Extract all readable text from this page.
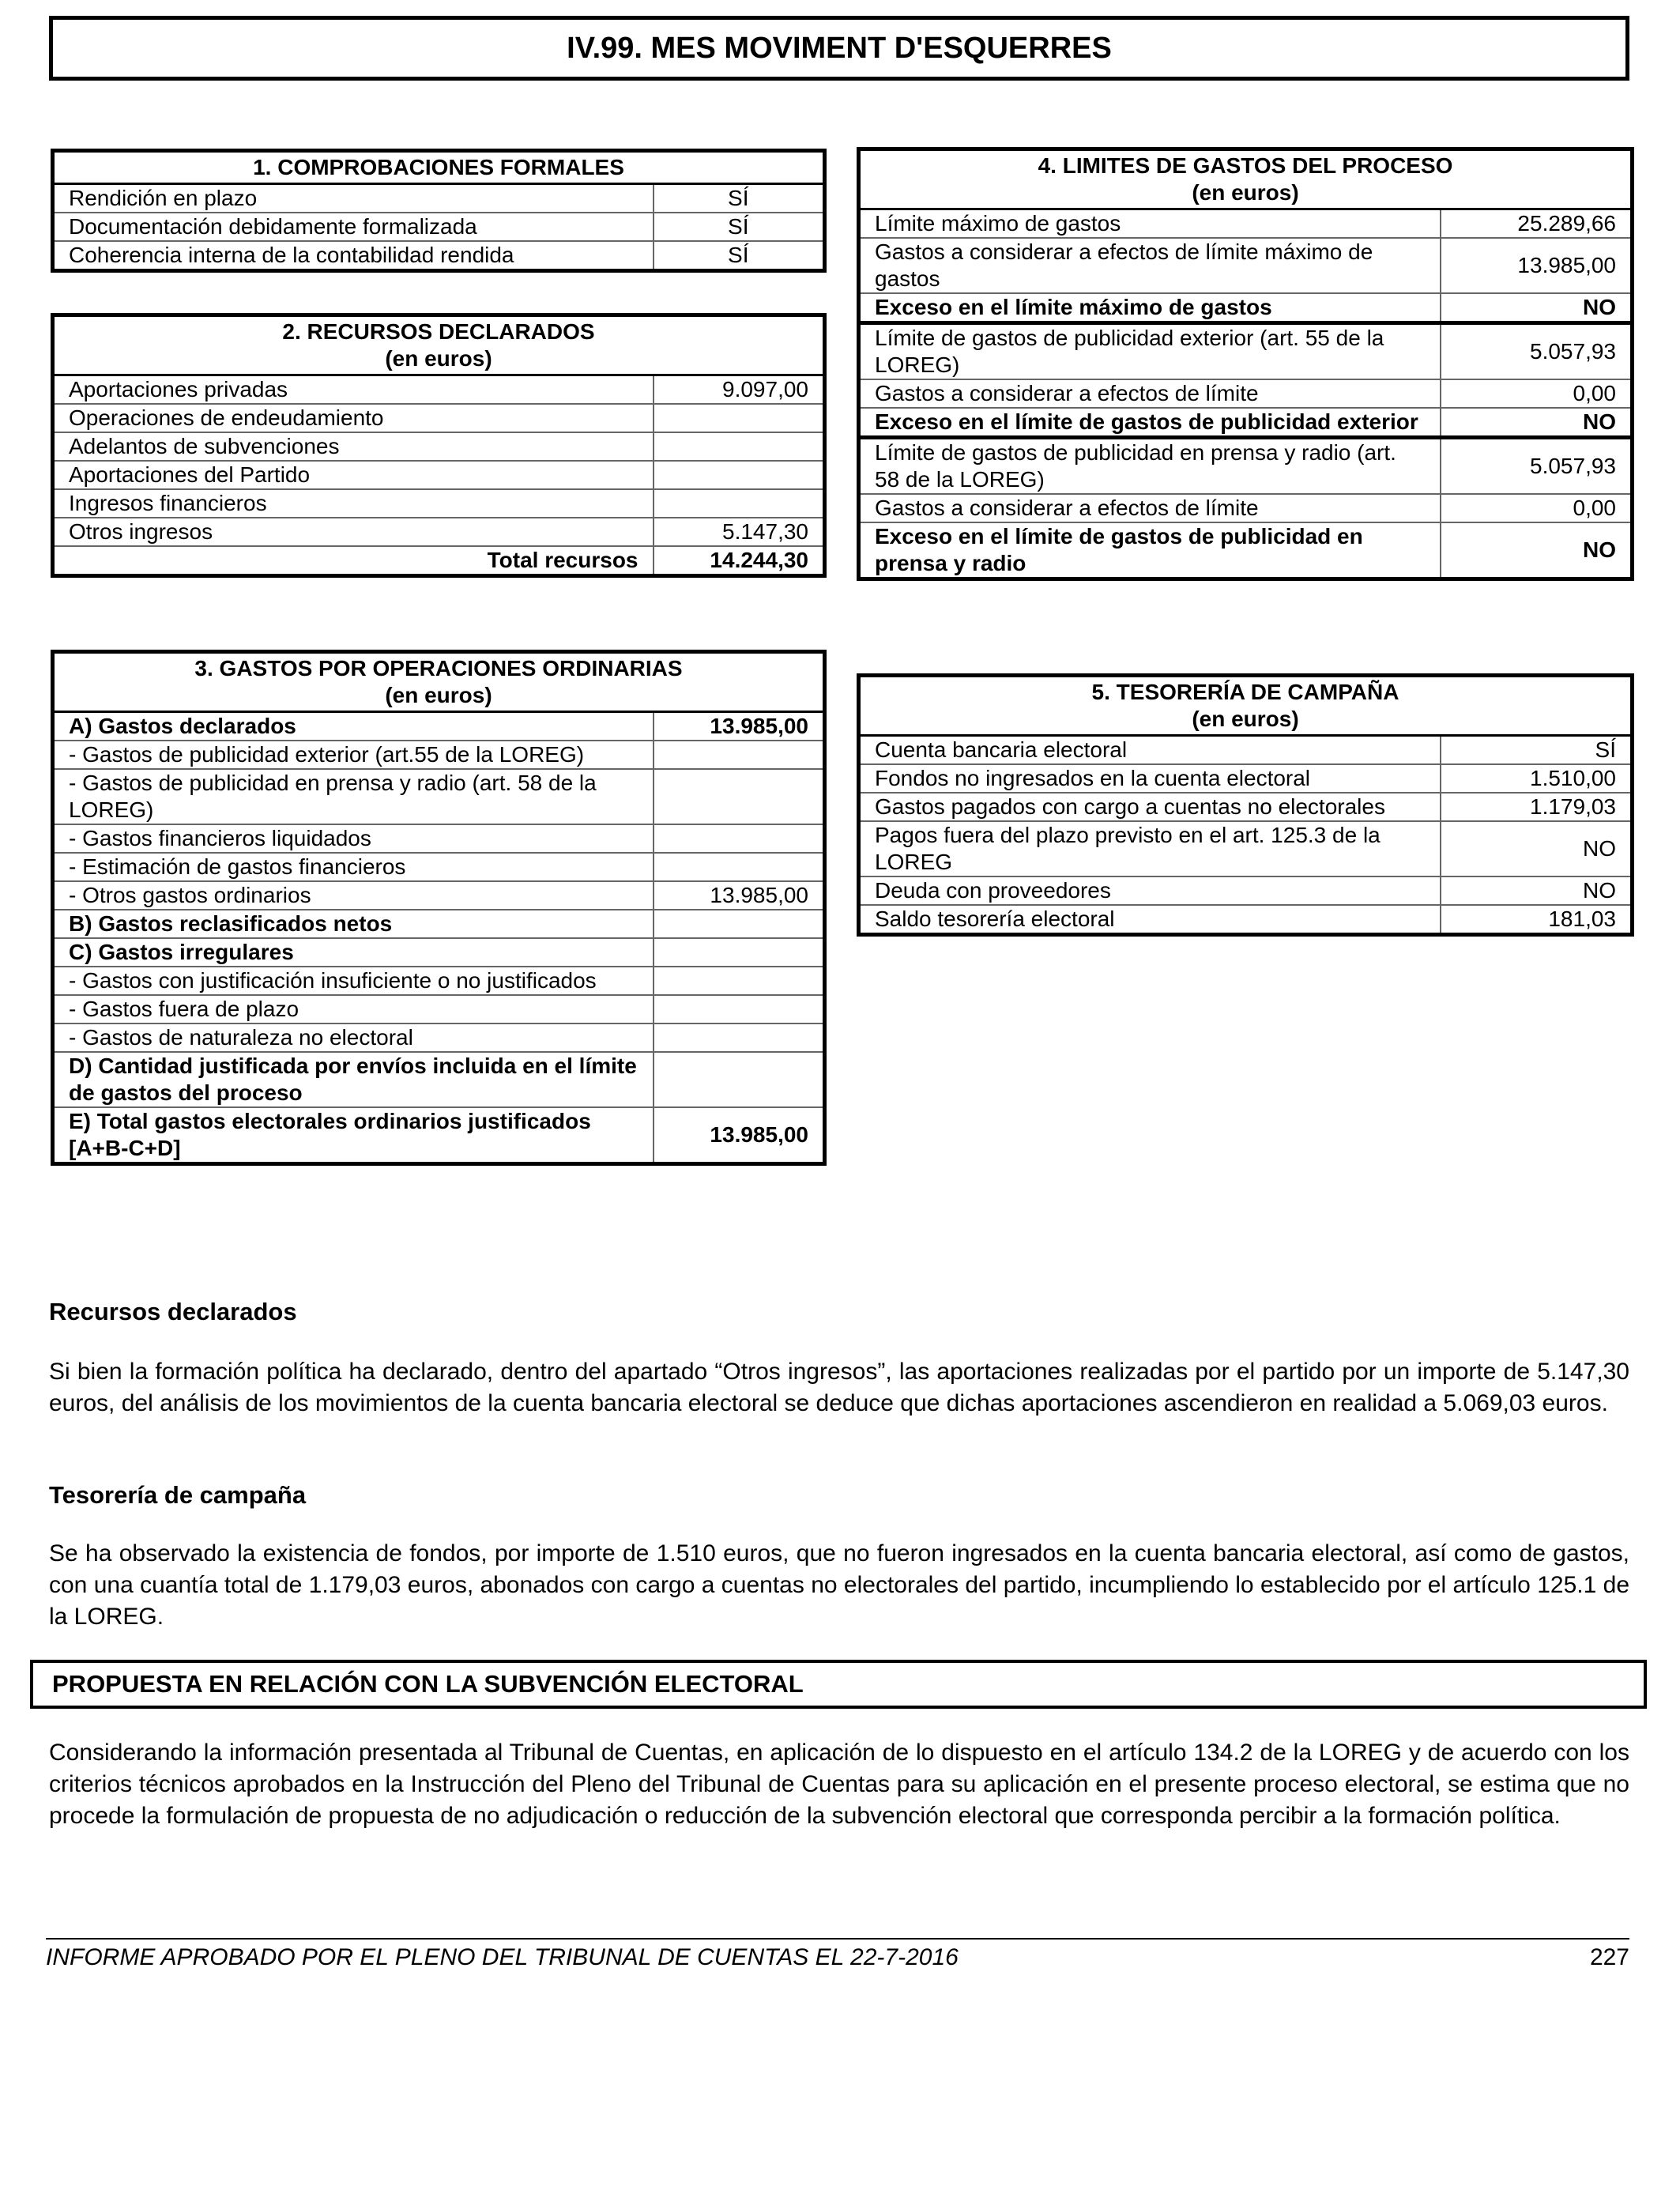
IV.99. MES MOVIMENT D'ESQUERRES
1. COMPROBACIONES FORMALES	
Rendición en plazo	SÍ
Documentación debidamente formalizada	SÍ
Coherencia interna de la contabilidad rendida	SÍ
2. RECURSOS DECLARADOS
(en euros)	

Aportaciones privadas	9.097,00
Operaciones de endeudamiento	
Adelantos de subvenciones	
Aportaciones del Partido	
Ingresos financieros	
Otros ingresos	5.147,30
Total recursos	14.244,30
3. GASTOS POR OPERACIONES ORDINARIAS
(en euros)	

A) Gastos declarados	13.985,00
- Gastos de publicidad exterior (art.55 de la LOREG)	
- Gastos de publicidad en prensa y radio (art. 58 de la LOREG)	
- Gastos financieros liquidados	
- Estimación de gastos financieros	
- Otros gastos ordinarios	13.985,00
B) Gastos reclasificados netos	
C) Gastos irregulares	
- Gastos con justificación insuficiente o no justificados	
- Gastos fuera de plazo	
- Gastos de naturaleza no electoral	
D) Cantidad justificada por envíos incluida en el límite de gastos del proceso	
E) Total gastos electorales ordinarios justificados [A+B-C+D]	13.985,00
4. LIMITES DE GASTOS DEL PROCESO
(en euros)	

Límite máximo de gastos	25.289,66
Gastos a considerar a efectos de límite máximo de gastos	13.985,00
Exceso en el límite máximo de gastos	NO
Límite de gastos de publicidad exterior (art. 55 de la LOREG)	5.057,93
Gastos a considerar a efectos de límite	0,00
Exceso en el límite de gastos de publicidad exterior	NO
Límite de gastos de publicidad en prensa y radio (art. 58 de la LOREG)	5.057,93
Gastos a considerar a efectos de límite	0,00
Exceso en el límite de gastos de publicidad en prensa y radio	NO
5. TESORERÍA DE CAMPAÑA
(en euros)	

Cuenta bancaria electoral	SÍ
Fondos no ingresados en la cuenta electoral	1.510,00
Gastos pagados con cargo a cuentas no electorales	1.179,03
Pagos fuera del plazo previsto en el art. 125.3 de la LOREG	NO
Deuda con proveedores	NO
Saldo tesorería electoral	181,03
Recursos declarados

Si bien la formación política ha declarado, dentro del apartado “Otros ingresos”, las aportaciones realizadas por el partido por un importe de 5.147,30 euros, del análisis de los movimientos de la cuenta bancaria electoral se deduce que dichas aportaciones ascendieron en realidad a 5.069,03 euros.

Tesorería de campaña

Se ha observado la existencia de fondos, por importe de 1.510 euros, que no fueron ingresados en la cuenta bancaria electoral, así como de gastos, con una cuantía total de 1.179,03 euros, abonados con cargo a cuentas no electorales del partido, incumpliendo lo establecido por el artículo 125.1 de la LOREG.

PROPUESTA EN RELACIÓN CON LA SUBVENCIÓN ELECTORAL

Considerando la información presentada al Tribunal de Cuentas, en aplicación de lo dispuesto en el artículo 134.2 de la LOREG y de acuerdo con los criterios técnicos aprobados en la Instrucción del Pleno del Tribunal de Cuentas para su aplicación en el presente proceso electoral, se estima que no procede la formulación de propuesta de no adjudicación o reducción de la subvención electoral que corresponda percibir a la formación política.

INFORME APROBADO POR EL PLENO DEL TRIBUNAL DE CUENTAS EL 22-7-2016	227
